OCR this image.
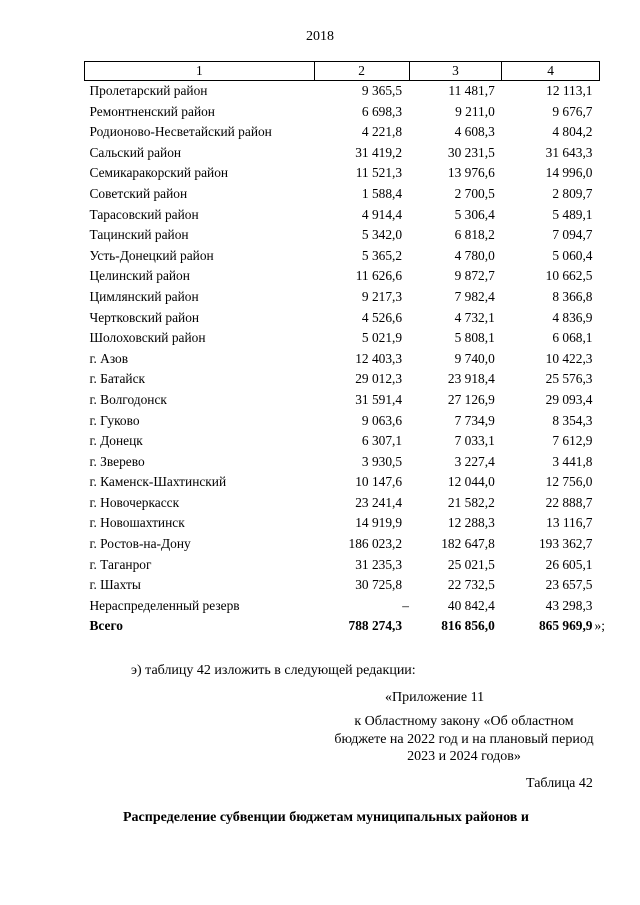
2018
1	2	3	4
Пролетарский район	9 365,5	11 481,7	12 113,1
Ремонтненский район	6 698,3	9 211,0	9 676,7
Родионово-Несветайский район	4 221,8	4 608,3	4 804,2
Сальский район	31 419,2	30 231,5	31 643,3
Семикаракорский район	11 521,3	13 976,6	14 996,0
Советский район	1 588,4	2 700,5	2 809,7
Тарасовский район	4 914,4	5 306,4	5 489,1
Тацинский район	5 342,0	6 818,2	7 094,7
Усть-Донецкий район	5 365,2	4 780,0	5 060,4
Целинский район	11 626,6	9 872,7	10 662,5
Цимлянский район	9 217,3	7 982,4	8 366,8
Чертковский район	4 526,6	4 732,1	4 836,9
Шолоховский район	5 021,9	5 808,1	6 068,1
г. Азов	12 403,3	9 740,0	10 422,3
г. Батайск	29 012,3	23 918,4	25 576,3
г. Волгодонск	31 591,4	27 126,9	29 093,4
г. Гуково	9 063,6	7 734,9	8 354,3
г. Донецк	6 307,1	7 033,1	7 612,9
г. Зверево	3 930,5	3 227,4	3 441,8
г. Каменск-Шахтинский	10 147,6	12 044,0	12 756,0
г. Новочеркасск	23 241,4	21 582,2	22 888,7
г. Новошахтинск	14 919,9	12 288,3	13 116,7
г. Ростов-на-Дону	186 023,2	182 647,8	193 362,7
г. Таганрог	31 235,3	25 021,5	26 605,1
г. Шахты	30 725,8	22 732,5	23 657,5
Нераспределенный резерв	–	40 842,4	43 298,3
Всего	788 274,3	816 856,0	865 969,9 »;
э) таблицу 42 изложить в следующей редакции:
«Приложение 11
к Областному закону «Об областном бюджете на 2022 год и на плановый период 2023 и 2024 годов»
Таблица 42
Распределение субвенции бюджетам муниципальных районов и
